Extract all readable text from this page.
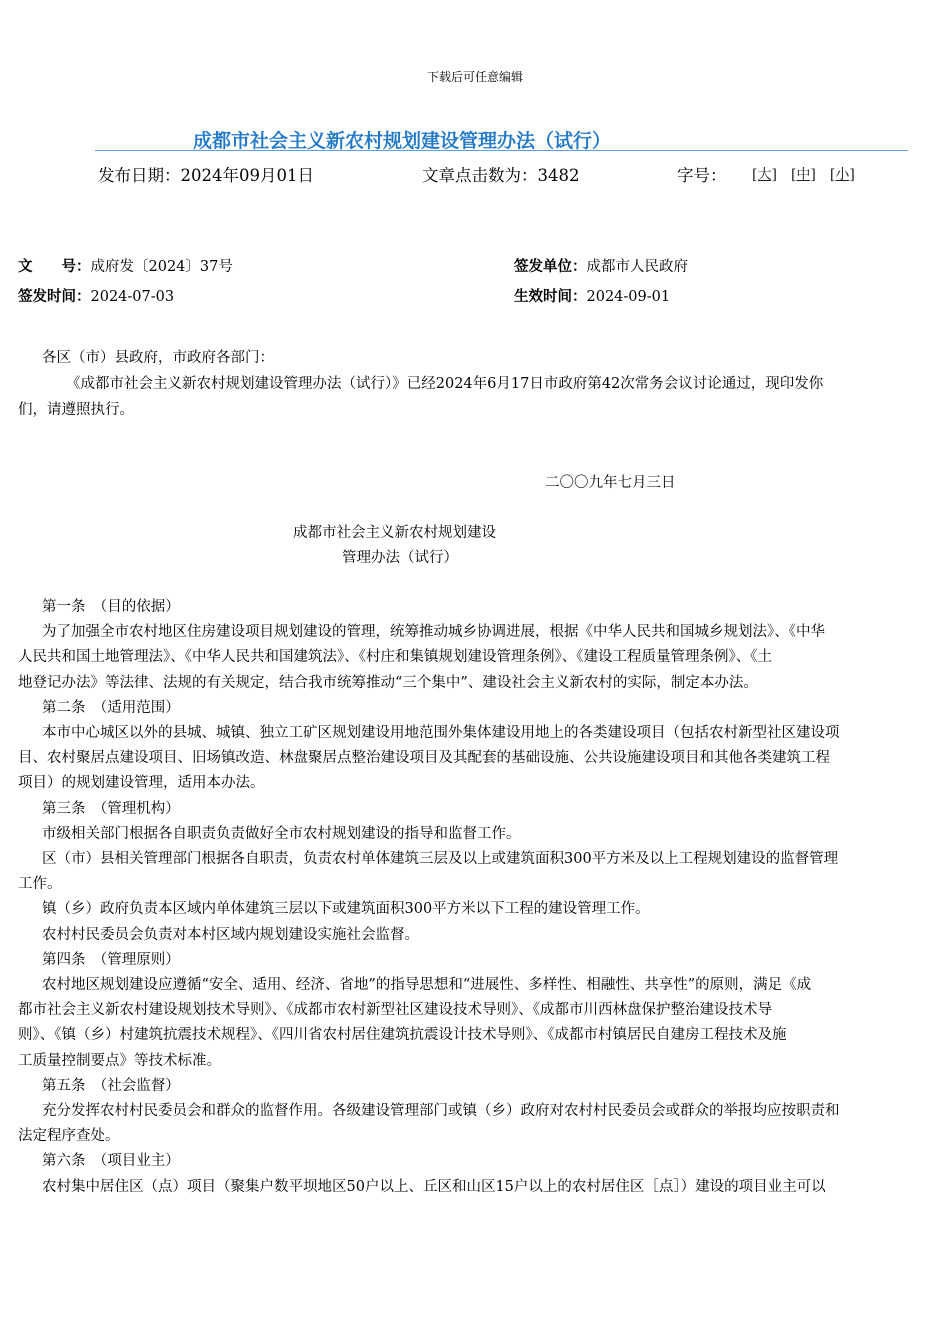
下载后可任意编辑
成都市社会主义新农村规划建设管理办法（试行）
发布日期：2024年09月01日	文章点击数为：3482	字号： [大] [中] [小]
文　　号：成府发〔2024〕37号	签发单位：成都市人民政府
签发时间：2024-07-03	生效时间：2024-09-01
各区（市）县政府，市政府各部门：
《成都市社会主义新农村规划建设管理办法（试行）》已经2024年6月17日市政府第42次常务会议讨论通过，现印发你
们，请遵照执行。
二〇〇九年七月三日
成都市社会主义新农村规划建设
管理办法（试行）
第一条　（目的依据）
为了加强全市农村地区住房建设项目规划建设的管理，统筹推动城乡协调进展，根据《中华人民共和国城乡规划法》、《中华
人民共和国土地管理法》、《中华人民共和国建筑法》、《村庄和集镇规划建设管理条例》、《建设工程质量管理条例》、《土
地登记办法》等法律、法规的有关规定，结合我市统筹推动“三个集中”、建设社会主义新农村的实际，制定本办法。
第二条　（适用范围）
本市中心城区以外的县城、城镇、独立工矿区规划建设用地范围外集体建设用地上的各类建设项目（包括农村新型社区建设项
目、农村聚居点建设项目、旧场镇改造、林盘聚居点整治建设项目及其配套的基础设施、公共设施建设项目和其他各类建筑工程
项目）的规划建设管理，适用本办法。
第三条　（管理机构）
市级相关部门根据各自职责负责做好全市农村规划建设的指导和监督工作。
区（市）县相关管理部门根据各自职责，负责农村单体建筑三层及以上或建筑面积300平方米及以上工程规划建设的监督管理
工作。
镇（乡）政府负责本区域内单体建筑三层以下或建筑面积300平方米以下工程的建设管理工作。
农村村民委员会负责对本村区域内规划建设实施社会监督。
第四条　（管理原则）
农村地区规划建设应遵循“安全、适用、经济、省地”的指导思想和“进展性、多样性、相融性、共享性”的原则，满足《成
都市社会主义新农村建设规划技术导则》、《成都市农村新型社区建设技术导则》、《成都市川西林盘保护整治建设技术导
则》、《镇（乡）村建筑抗震技术规程》、《四川省农村居住建筑抗震设计技术导则》、《成都市村镇居民自建房工程技术及施
工质量控制要点》等技术标准。
第五条　（社会监督）
充分发挥农村村民委员会和群众的监督作用。各级建设管理部门或镇（乡）政府对农村村民委员会或群众的举报均应按职责和
法定程序查处。
第六条　（项目业主）
农村集中居住区（点）项目（聚集户数平坝地区50户以上、丘区和山区15户以上的农村居住区［点］）建设的项目业主可以
